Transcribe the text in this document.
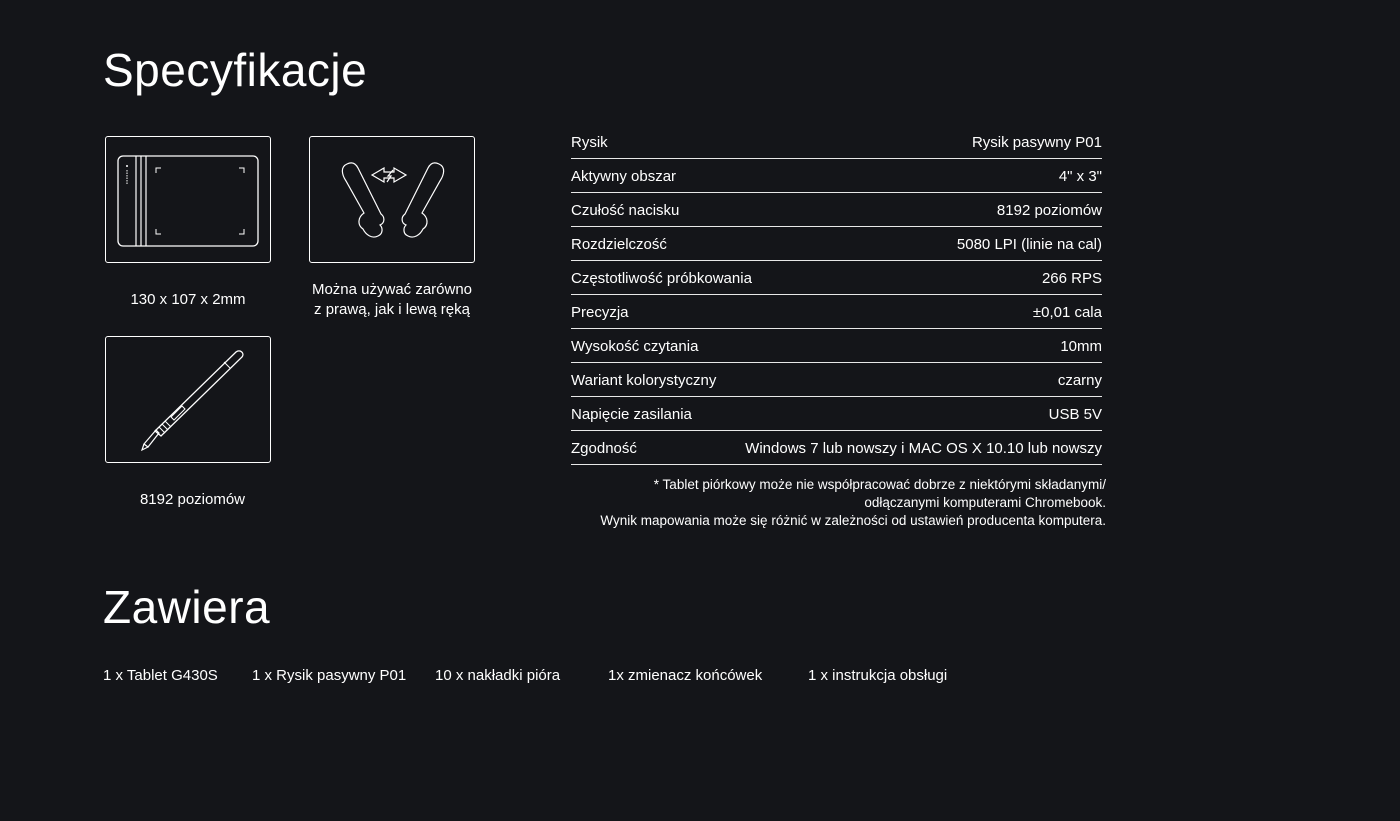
Specyfikacje
130 x 107 x 2mm
Można używać zarówno
z prawą, jak i lewą ręką
8192 poziomów
Rysik	Rysik pasywny P01
Aktywny obszar	4" x 3"
Czułość nacisku	8192 poziomów
Rozdzielczość	5080 LPI (linie na cal)
Częstotliwość próbkowania	266 RPS
Precyzja	±0,01 cala
Wysokość czytania	10mm
Wariant kolorystyczny	czarny
Napięcie zasilania	USB 5V
Zgodność	Windows 7 lub nowszy i MAC OS X 10.10 lub nowszy
* Tablet piórkowy może nie współpracować dobrze z niektórymi składanymi/
odłączanymi komputerami Chromebook.
Wynik mapowania może się różnić w zależności od ustawień producenta komputera.
Zawiera
1 x Tablet G430S 1 x Rysik pasywny P01 10 x nakładki pióra	1x zmienacz końcówek	1 x instrukcja obsługi
